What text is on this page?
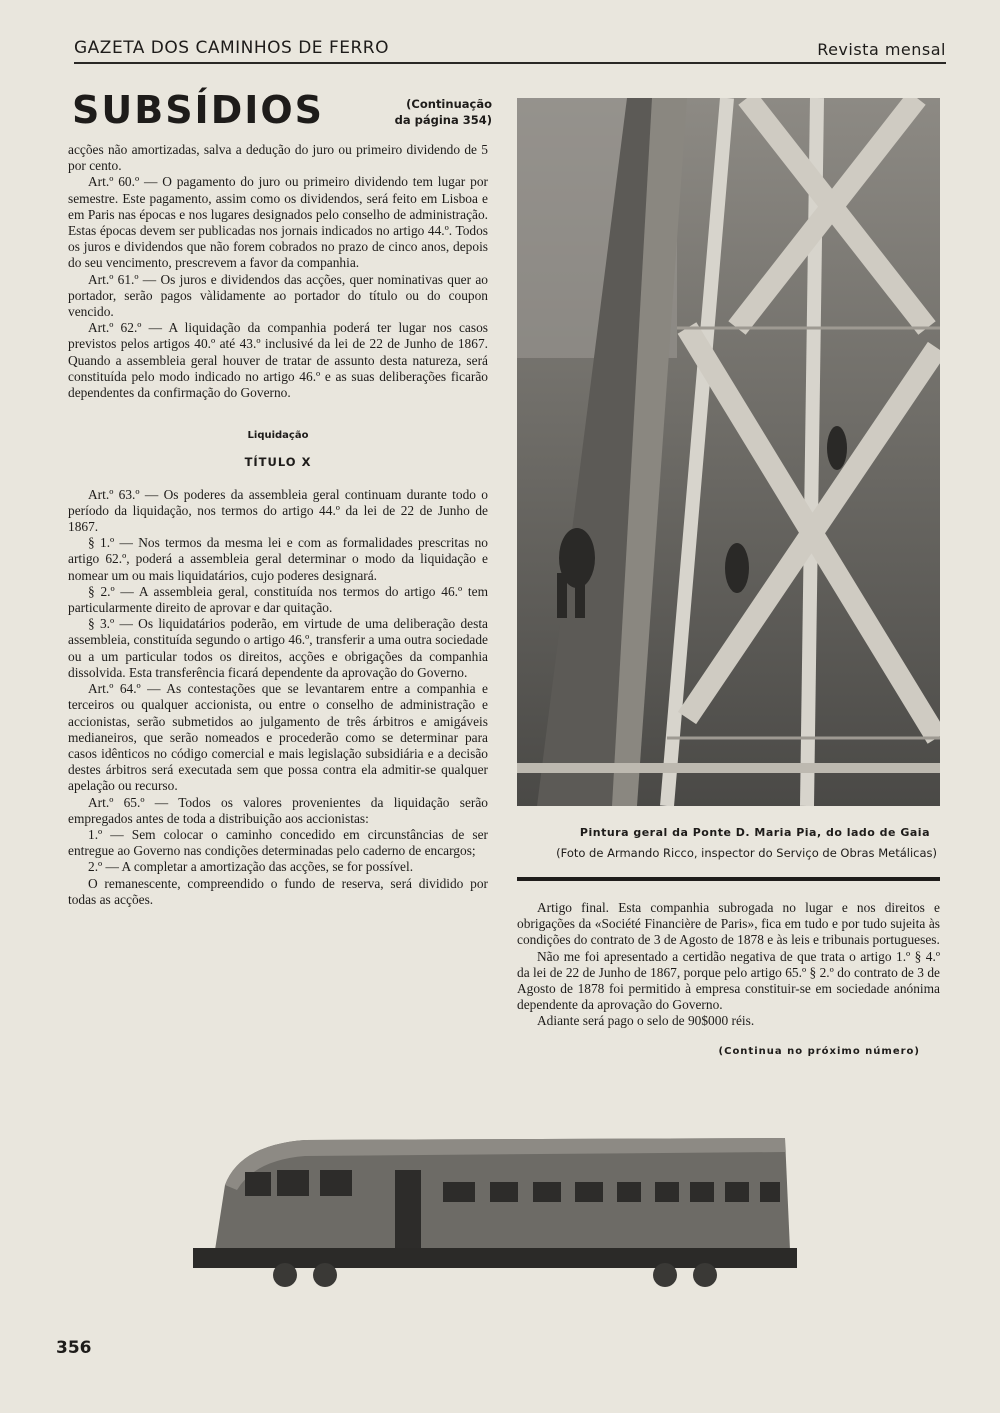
GAZETA DOS CAMINHOS DE FERRO	Revista mensal
SUBSÍDIOS	(Continuação
da página 354)

acções não amortizadas, salva a dedução do juro ou primeiro dividendo de 5 por cento.

Art.º 60.º — O pagamento do juro ou primeiro dividendo tem lugar por semestre. Este pagamento, assim como os dividendos, será feito em Lisboa e em Paris nas épocas e nos lugares designados pelo conselho de administração. Estas épocas devem ser publicadas nos jornais indicados no artigo 44.º. Todos os juros e dividendos que não forem cobrados no prazo de cinco anos, depois do seu vencimento, prescrevem a favor da companhia.

Art.º 61.º — Os juros e dividendos das acções, quer nominativas quer ao portador, serão pagos vàlidamente ao portador do título ou do coupon vencido.

Art.º 62.º — A liquidação da companhia poderá ter lugar nos casos previstos pelos artigos 40.º até 43.º inclusivé da lei de 22 de Junho de 1867. Quando a assembleia geral houver de tratar de assunto desta natureza, será constituída pelo modo indicado no artigo 46.º e as suas deliberações ficarão dependentes da confirmação do Governo.

Liquidação

TÍTULO X

Art.º 63.º — Os poderes da assembleia geral continuam durante todo o período da liquidação, nos termos do artigo 44.º da lei de 22 de Junho de 1867.

§ 1.º — Nos termos da mesma lei e com as formalidades prescritas no artigo 62.º, poderá a assembleia geral determinar o modo da liquidação e nomear um ou mais liquidatários, cujo poderes designará.

§ 2.º — A assembleia geral, constituída nos termos do artigo 46.º tem particularmente direito de aprovar e dar quitação.

§ 3.º — Os liquidatários poderão, em virtude de uma deliberação desta assembleia, constituída segundo o artigo 46.º, transferir a uma outra sociedade ou a um particular todos os direitos, acções e obrigações da companhia dissolvida. Esta transferência ficará dependente da aprovação do Governo.

Art.º 64.º — As contestações que se levantarem entre a companhia e terceiros ou qualquer accionista, ou entre o conselho de administração e accionistas, serão submetidos ao julgamento de três árbitros e amigáveis medianeiros, que serão nomeados e procederão como se determinar para casos idênticos no código comercial e mais legislação subsidiária e a decisão destes árbitros será executada sem que possa contra ela admitir-se qualquer apelação ou recurso.

Art.º 65.º — Todos os valores provenientes da liquidação serão empregados antes de toda a distribuição aos accionistas:

1.º — Sem colocar o caminho concedido em circunstâncias de ser entregue ao Governo nas condições determinadas pelo caderno de encargos;

2.º — A completar a amortização das acções, se for possível.

O remanescente, compreendido o fundo de reserva, será dividido por todas as acções.

Pintura geral da Ponte D. Maria Pia, do lado de Gaia
(Foto de Armando Ricco, inspector do Serviço de Obras Metálicas)

Artigo final. Esta companhia subrogada no lugar e nos direitos e obrigações da «Société Financière de Paris», fica em tudo e por tudo sujeita às condições do contrato de 3 de Agosto de 1878 e às leis e tribunais portugueses.

Não me foi apresentado a certidão negativa de que trata o artigo 1.º § 4.º da lei de 22 de Junho de 1867, porque pelo artigo 65.º § 2.º do contrato de 3 de Agosto de 1878 foi permitido à empresa constituir-se em sociedade anónima dependente da aprovação do Governo.

Adiante será pago o selo de 90$000 réis.

(Continua no próximo número)
356
